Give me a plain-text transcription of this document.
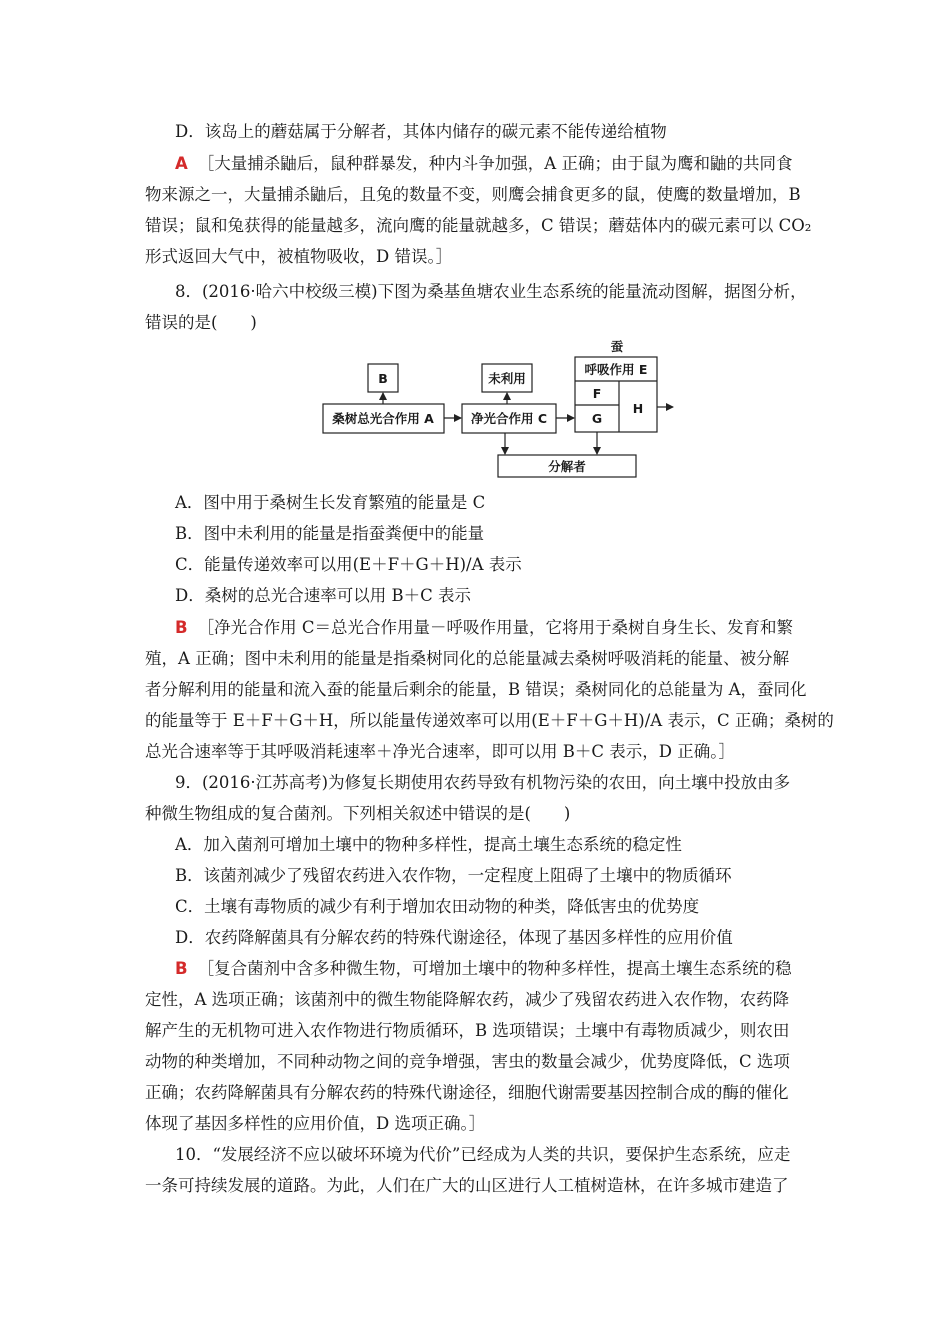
D．该岛上的蘑菇属于分解者，其体内储存的碳元素不能传递给植物
A ［大量捕杀鼬后，鼠种群暴发，种内斗争加强，A 正确；由于鼠为鹰和鼬的共同食
物来源之一，大量捕杀鼬后，且兔的数量不变，则鹰会捕食更多的鼠，使鹰的数量增加，B
错误；鼠和兔获得的能量越多，流向鹰的能量就越多，C 错误；蘑菇体内的碳元素可以 CO₂
形式返回大气中，被植物吸收，D 错误。］
8．(2016·哈六中校级三模)下图为桑基鱼塘农业生态系统的能量流动图解，据图分析，
错误的是(　　)
B	未利用
桑树总光合作用 A	净光合作用 C
蚕
呼吸作用 E
F
G
H
分解者
A．图中用于桑树生长发育繁殖的能量是 C
B．图中未利用的能量是指蚕粪便中的能量
C．能量传递效率可以用(E＋F＋G＋H)/A 表示
D．桑树的总光合速率可以用 B＋C 表示
B ［净光合作用 C＝总光合作用量－呼吸作用量，它将用于桑树自身生长、发育和繁
殖，A 正确；图中未利用的能量是指桑树同化的总能量减去桑树呼吸消耗的能量、被分解
者分解利用的能量和流入蚕的能量后剩余的能量，B 错误；桑树同化的总能量为 A，蚕同化
的能量等于 E＋F＋G＋H，所以能量传递效率可以用(E＋F＋G＋H)/A 表示，C 正确；桑树的
总光合速率等于其呼吸消耗速率＋净光合速率，即可以用 B＋C 表示，D 正确。］
9．(2016·江苏高考)为修复长期使用农药导致有机物污染的农田，向土壤中投放由多
种微生物组成的复合菌剂。下列相关叙述中错误的是(　　)
A．加入菌剂可增加土壤中的物种多样性，提高土壤生态系统的稳定性
B．该菌剂减少了残留农药进入农作物，一定程度上阻碍了土壤中的物质循环
C．土壤有毒物质的减少有利于增加农田动物的种类，降低害虫的优势度
D．农药降解菌具有分解农药的特殊代谢途径，体现了基因多样性的应用价值
B ［复合菌剂中含多种微生物，可增加土壤中的物种多样性，提高土壤生态系统的稳
定性，A 选项正确；该菌剂中的微生物能降解农药，减少了残留农药进入农作物，农药降
解产生的无机物可进入农作物进行物质循环，B 选项错误；土壤中有毒物质减少，则农田
动物的种类增加，不同种动物之间的竞争增强，害虫的数量会减少，优势度降低，C 选项
正确；农药降解菌具有分解农药的特殊代谢途径，细胞代谢需要基因控制合成的酶的催化
体现了基因多样性的应用价值，D 选项正确。］
10．“发展经济不应以破坏环境为代价”已经成为人类的共识，要保护生态系统，应走
一条可持续发展的道路。为此，人们在广大的山区进行人工植树造林，在许多城市建造了
